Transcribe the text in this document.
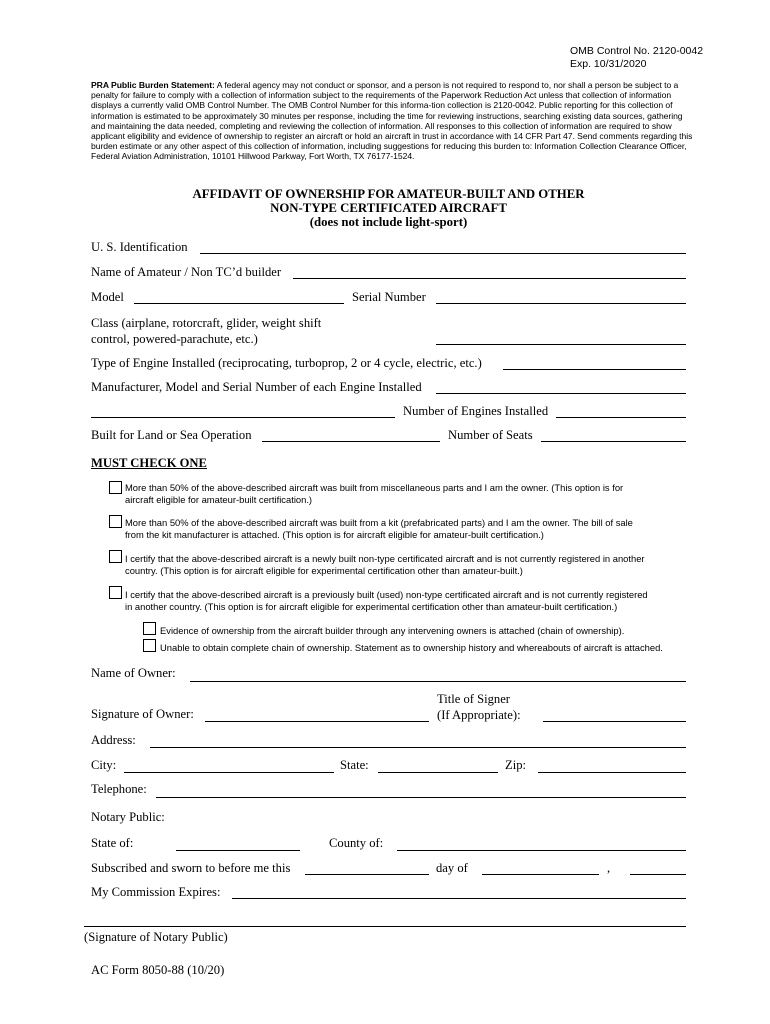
OMB Control No. 2120-0042
Exp. 10/31/2020
PRA Public Burden Statement: A federal agency may not conduct or sponsor, and a person is not required to respond to, nor shall a person be subject to a penalty for failure to comply with a collection of information subject to the requirements of the Paperwork Reduction Act unless that collection of information displays a currently valid OMB Control Number. The OMB Control Number for this informa-tion collection is 2120-0042. Public reporting for this collection of information is estimated to be approximately 30 minutes per response, including the time for reviewing instructions, searching existing data sources, gathering and maintaining the data needed, completing and reviewing the collection of information. All responses to this collection of information are required to show applicant eligibility and evidence of ownership to register an aircraft or hold an aircraft in trust in accordance with 14 CFR Part 47. Send comments regarding this burden estimate or any other aspect of this collection of information, including suggestions for reducing this burden to: Information Collection Clearance Officer, Federal Aviation Administration, 10101 Hillwood Parkway, Fort Worth, TX 76177-1524.
AFFIDAVIT OF OWNERSHIP FOR AMATEUR-BUILT AND OTHER
NON-TYPE CERTIFICATED AIRCRAFT
(does not include light-sport)
U. S. Identification
Name of Amateur / Non TC’d builder
Model	Serial Number
Class (airplane, rotorcraft, glider, weight shift
control, powered-parachute, etc.)
Type of Engine Installed (reciprocating, turboprop, 2 or 4 cycle, electric, etc.)
Manufacturer, Model and Serial Number of each Engine Installed
Number of Engines Installed
Built for Land or Sea Operation	Number of Seats
MUST CHECK ONE
More than 50% of the above-described aircraft was built from miscellaneous parts and I am the owner. (This option is for
aircraft eligible for amateur-built certification.)
More than 50% of the above-described aircraft was built from a kit (prefabricated parts) and I am the owner. The bill of sale
from the kit manufacturer is attached. (This option is for aircraft eligible for amateur-built certification.)
I certify that the above-described aircraft is a newly built non-type certificated aircraft and is not currently registered in another
country. (This option is for aircraft eligible for experimental certification other than amateur-built.)
I certify that the above-described aircraft is a previously built (used) non-type certificated aircraft and is not currently registered
in another country. (This option is for aircraft eligible for experimental certification other than amateur-built certification.)
Evidence of ownership from the aircraft builder through any intervening owners is attached (chain of ownership).
Unable to obtain complete chain of ownership. Statement as to ownership history and whereabouts of aircraft is attached.
Name of Owner:
Title of Signer
(If Appropriate):
Signature of Owner:
Address:
City:	State:	Zip:
Telephone:
Notary Public:
State of:	County of:
Subscribed and sworn to before me this	day of	,
My Commission Expires:
(Signature of Notary Public)
AC Form 8050-88 (10/20)
